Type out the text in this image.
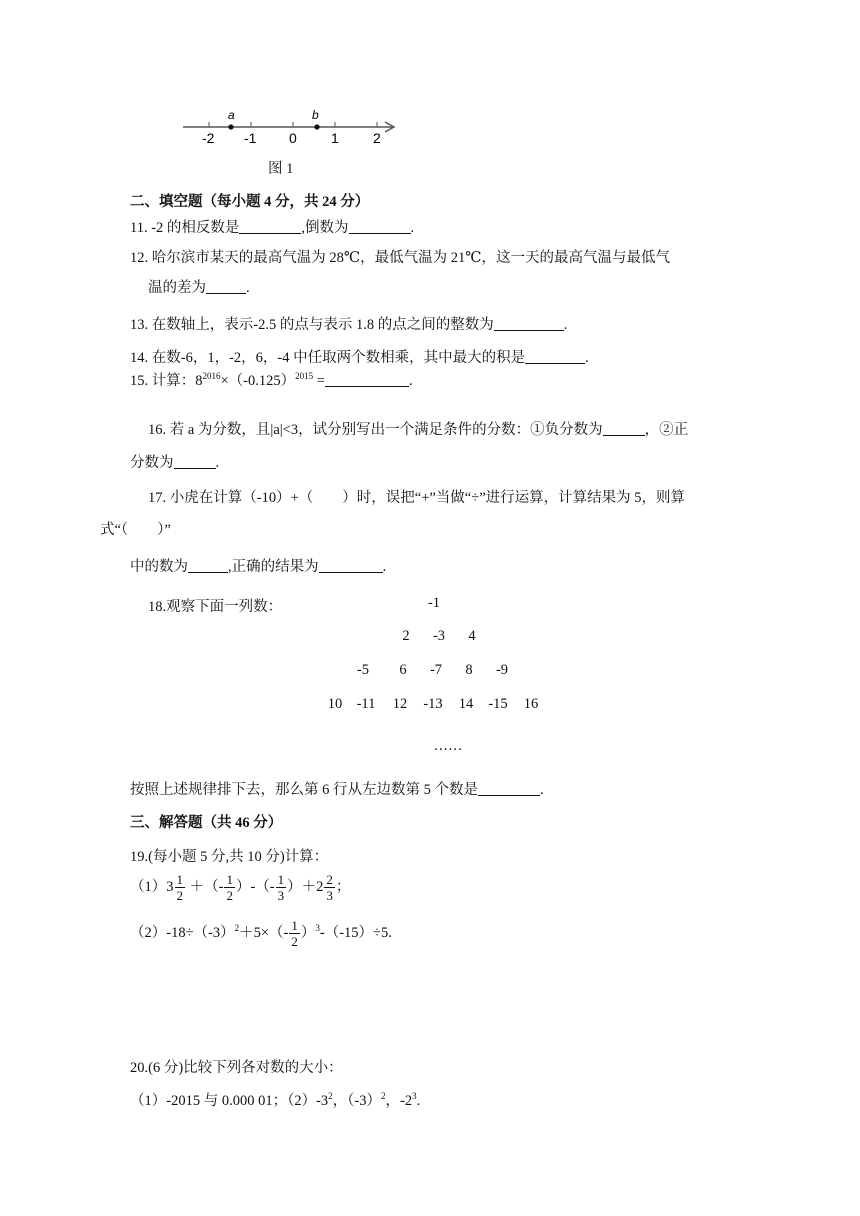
a	b
-2 -1 0 1 2
图 1
二、填空题（每小题 4 分，共 24 分）
11. -2 的相反数是	,倒数为	.
12. 哈尔滨市某天的最高气温为 28℃，最低气温为 21℃，这一天的最高气温与最低气
温的差为	.
13. 在数轴上，表示-2.5 的点与表示 1.8 的点之间的整数为	.
14. 在数-6，1，-2，6，-4 中任取两个数相乘，其中最大的积是	.
15. 计算：$8^{2016}\times(-0.125)^{2015}$ =	.
16. 若 a 为分数，且|a|<3，试分别写出一个满足条件的分数：①负分数为	，②正
分数为	.
17. 小虎在计算（-10）+（　　）时，误把“+”当做“÷”进行运算，计算结果为 5，则算
式“（　　）”
中的数为	,正确的结果为	.
18.观察下面一列数：	-1
2	-3	4
-5	6	-7	8	-9
10 -11	12	-13	14	-15	16
……
按照上述规律排下去，那么第 6 行从左边数第 5 个数是	.
三、解答题（共 46 分）
19.(每小题 5 分,共 10 分)计算：
$(1)3 \frac{1}{2}$ ＋（- $\frac{1}{2}$ ）-（- $\frac{1}{3} )+2 \frac{2}{3}$ ；
$(2)-18\div(-3)^2+5\times(- \frac{1}{2} )^3-(-15)\div 5$.
20.(6 分)比较下列各对数的大小：
（1）-2015 与 0.000 01；$(2)-3^2$，$(-3)^2$，$-2^3$.
